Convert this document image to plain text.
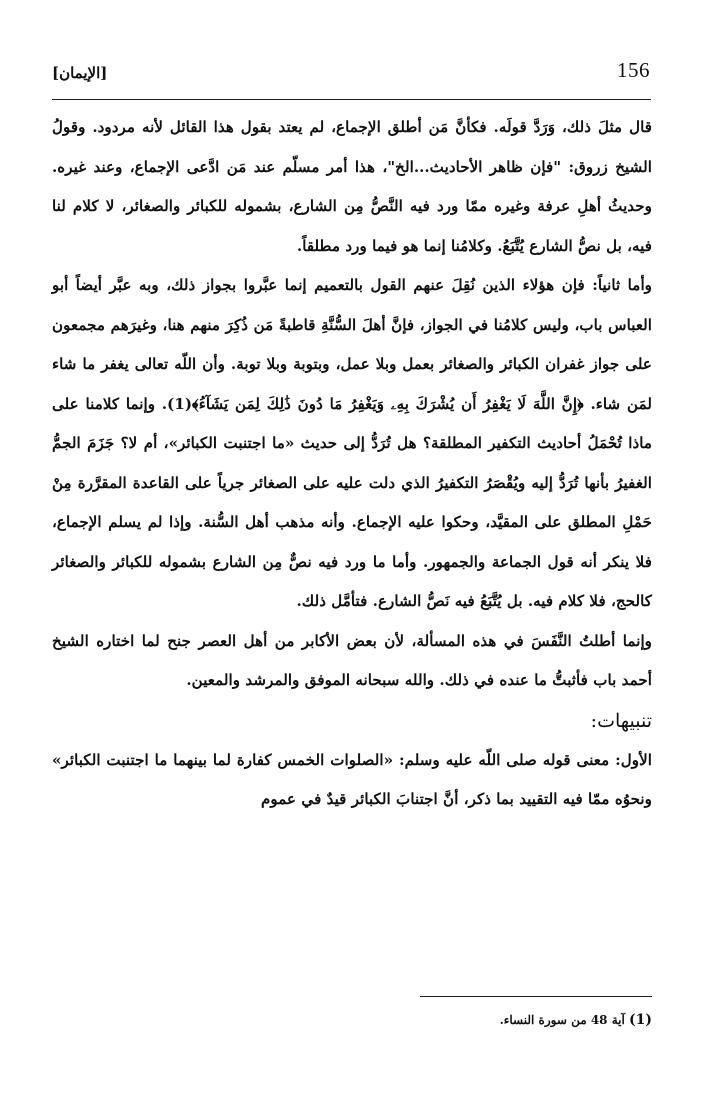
156
[الإيمان]

قال مثلَ ذلك، وَرَدَّ قولَه. فكأنَّ مَن أطلق الإجماع، لم يعتد بقول هذا القائل لأنه مردود. وقولُ الشيخ زروق: "فإن ظاهر الأحاديث...الخ"، هذا أمر مسلّم عند مَن ادَّعى الإجماع، وعند غيره. وحديثُ أهلِ عرفة وغيره ممّا ورد فيه النَّصُّ مِن الشارع، بشموله للكبائر والصغائر، لا كلام لنا فيه، بل نصُّ الشارع يُتَّبَعُ. وكلامُنا إنما هو فيما ورد مطلقاً.

وأما ثانياً: فإن هؤلاء الذين نُقِلَ عنهم القول بالتعميم إنما عبَّروا بجواز ذلك، وبه عبَّر أيضاً أبو العباس باب، وليس كلامُنا في الجواز، فإنَّ أهلَ السُّنَّةِ قاطبةً مَن ذُكِرَ منهم هنا، وغيرَهم مجمعون على جواز غفران الكبائر والصغائر بعمل وبلا عمل، وبتوبة وبلا توبة. وأن اللّه تعالى يغفر ما شاء لمَن شاء. ﴿إِنَّ اللَّهَ لَا يَغْفِرُ أَن يُشْرَكَ بِهِۦ وَيَغْفِرُ مَا دُونَ ذَٰلِكَ لِمَن يَشَآءُ﴾(1). وإنما كلامنا على ماذا تُحْمَلُ أحاديث التكفير المطلقة؟ هل تُرَدُّ إلى حديث «ما اجتنبت الكبائر»، أم لا؟ جَزَمَ الجمُّ الغفيرُ بأنها تُرَدُّ إليه ويُقْصَرُ التكفيرُ الذي دلت عليه على الصغائر جرياً على القاعدة المقرَّرة مِنْ حَمْلِ المطلق على المقيَّد، وحكوا عليه الإجماع. وأنه مذهب أهل السُّنة. وإذا لم يسلم الإجماع، فلا ينكر أنه قول الجماعة والجمهور. وأما ما ورد فيه نصٌّ مِن الشارع بشموله للكبائر والصغائر كالحج، فلا كلام فيه. بل يُتَّبَعُ فيه نَصُّ الشارع. فتأمَّل ذلك.

وإنما أطلتُ النَّفَسَ في هذه المسألة، لأن بعض الأكابر من أهل العصر جنح لما اختاره الشيخ أحمد باب فأثبتُّ ما عنده في ذلك. والله سبحانه الموفق والمرشد والمعين.

تنبيهات:

الأول: معنى قوله صلى اللّه عليه وسلم: «الصلوات الخمس كفارة لما بينهما ما اجتنبت الكبائر» ونحوُه ممّا فيه التقييد بما ذكر، أنَّ اجتنابَ الكبائر قيدٌ في عموم

(1) آية 48 من سورة النساء.
